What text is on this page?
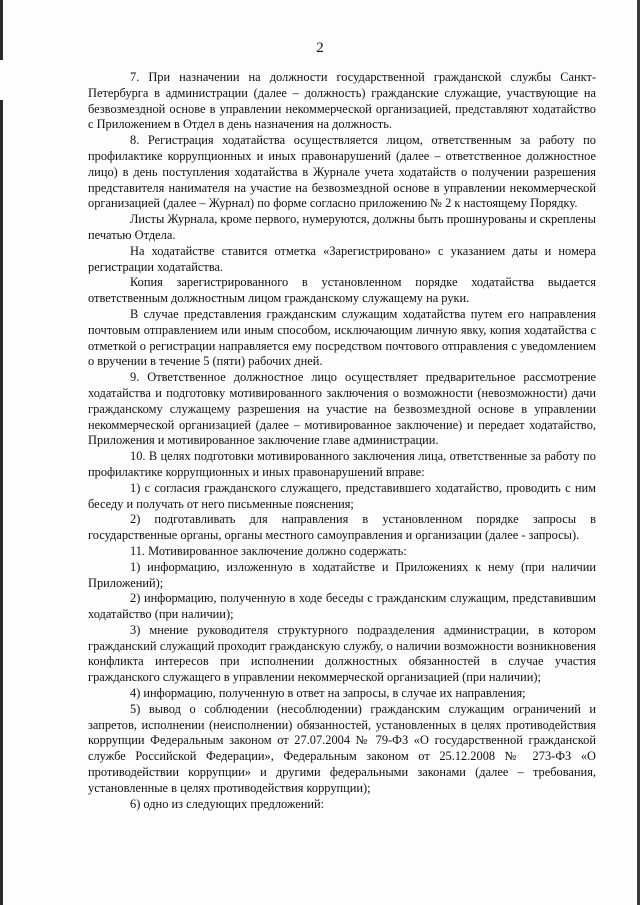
2

7. При назначении на должности государственной гражданской службы Санкт-Петербурга в администрации (далее – должность) гражданские служащие, участвующие на безвозмездной основе в управлении некоммерческой организацией, представляют ходатайство с Приложением в Отдел в день назначения на должность.

8. Регистрация ходатайства осуществляется лицом, ответственным за работу по профилактике коррупционных и иных правонарушений (далее – ответственное должностное лицо) в день поступления ходатайства в Журнале учета ходатайств о получении разрешения представителя нанимателя на участие на безвозмездной основе в управлении некоммерческой организацией (далее – Журнал) по форме согласно приложению № 2 к настоящему Порядку.

Листы Журнала, кроме первого, нумеруются, должны быть прошнурованы и скреплены печатью Отдела.

На ходатайстве ставится отметка «Зарегистрировано» с указанием даты и номера регистрации ходатайства.

Копия зарегистрированного в установленном порядке ходатайства выдается ответственным должностным лицом гражданскому служащему на руки.

В случае представления гражданским служащим ходатайства путем его направления почтовым отправлением или иным способом, исключающим личную явку, копия ходатайства с отметкой о регистрации направляется ему посредством почтового отправления с уведомлением о вручении в течение 5 (пяти) рабочих дней.

9. Ответственное должностное лицо осуществляет предварительное рассмотрение ходатайства и подготовку мотивированного заключения о возможности (невозможности) дачи гражданскому служащему разрешения на участие на безвозмездной основе в управлении некоммерческой организацией (далее – мотивированное заключение) и передает ходатайство, Приложения и мотивированное заключение главе администрации.

10. В целях подготовки мотивированного заключения лица, ответственные за работу по профилактике коррупционных и иных правонарушений вправе:

1) с согласия гражданского служащего, представившего ходатайство, проводить с ним беседу и получать от него письменные пояснения;

2) подготавливать для направления в установленном порядке запросы в государственные органы, органы местного самоуправления и организации (далее - запросы).

11. Мотивированное заключение должно содержать:

1) информацию, изложенную в ходатайстве и Приложениях к нему (при наличии Приложений);

2) информацию, полученную в ходе беседы с гражданским служащим, представившим ходатайство (при наличии);

3) мнение руководителя структурного подразделения администрации, в котором гражданский служащий проходит гражданскую службу, о наличии возможности возникновения конфликта интересов при исполнении должностных обязанностей в случае участия гражданского служащего в управлении некоммерческой организацией (при наличии);

4) информацию, полученную в ответ на запросы, в случае их направления;

5) вывод о соблюдении (несоблюдении) гражданским служащим ограничений и запретов, исполнении (неисполнении) обязанностей, установленных в целях противодействия коррупции Федеральным законом от 27.07.2004 № 79-ФЗ «О государственной гражданской службе Российской Федерации», Федеральным законом от 25.12.2008 № 273-ФЗ «О противодействии коррупции» и другими федеральными законами (далее – требования, установленные в целях противодействия коррупции);

6) одно из следующих предложений:
